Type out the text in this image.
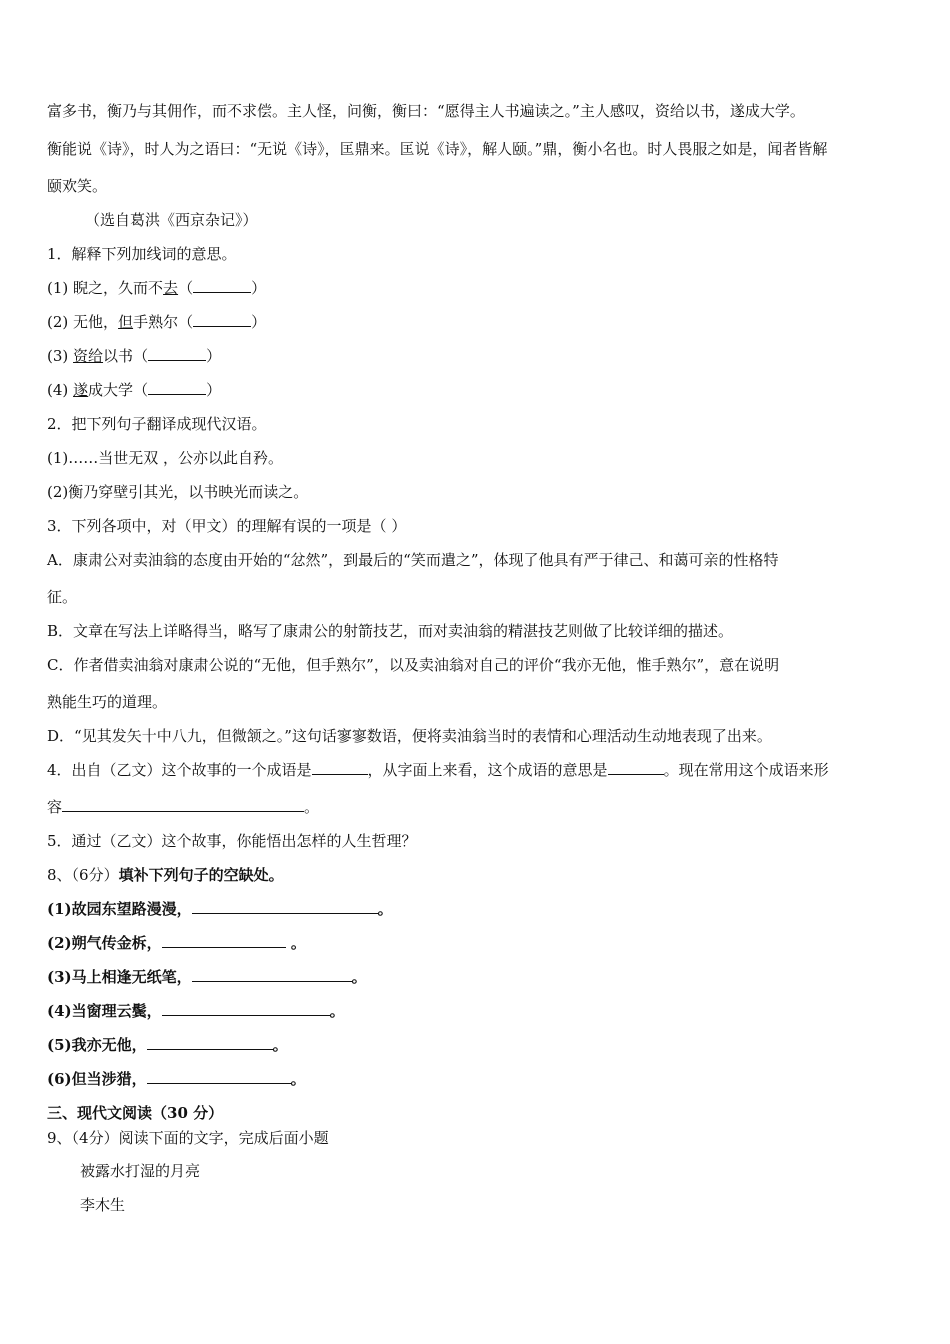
富多书，衡乃与其佣作，而不求偿。主人怪，问衡，衡曰：“愿得主人书遍读之。”主人感叹，资给以书，遂成大学。
衡能说《诗》，时人为之语曰：“无说《诗》，匡鼎来。匡说《诗》，解人颐。”鼎，衡小名也。时人畏服之如是，闻者皆解
颐欢笑。
（选自葛洪《西京杂记》）
1．解释下列加线词的意思。
(1) 睨之，久而不去（	）
(2) 无他，但手熟尔（	）
(3) 资给以书（	）
(4) 遂成大学（	）
2．把下列句子翻译成现代汉语。
(1)……当世无双 ，公亦以此自矜。
(2)衡乃穿壁引其光，以书映光而读之。
3．下列各项中，对（甲文）的理解有误的一项是（ ）
A．康肃公对卖油翁的态度由开始的“忿然”，到最后的“笑而遣之”，体现了他具有严于律己、和蔼可亲的性格特
征。
B．文章在写法上详略得当，略写了康肃公的射箭技艺，而对卖油翁的精湛技艺则做了比较详细的描述。
C．作者借卖油翁对康肃公说的“无他，但手熟尔”，以及卖油翁对自己的评价“我亦无他，惟手熟尔”，意在说明
熟能生巧的道理。
D．“见其发矢十中八九，但微颔之。”这句话寥寥数语，便将卖油翁当时的表情和心理活动生动地表现了出来。
4．出自（乙文）这个故事的一个成语是	，从字面上来看，这个成语的意思是	。现在常用这个成语来形
容	。
5．通过（乙文）这个故事，你能悟出怎样的人生哲理？
8、（6分）填补下列句子的空缺处。
(1)故园东望路漫漫，	。
(2)朔气传金柝，	。
(3)马上相逢无纸笔，	。
(4)当窗理云鬓，	。
(5)我亦无他，	。
(6)但当涉猎，	。
三、现代文阅读（30 分）
9、（4分）阅读下面的文字，完成后面小题
被露水打湿的月亮
李木生
